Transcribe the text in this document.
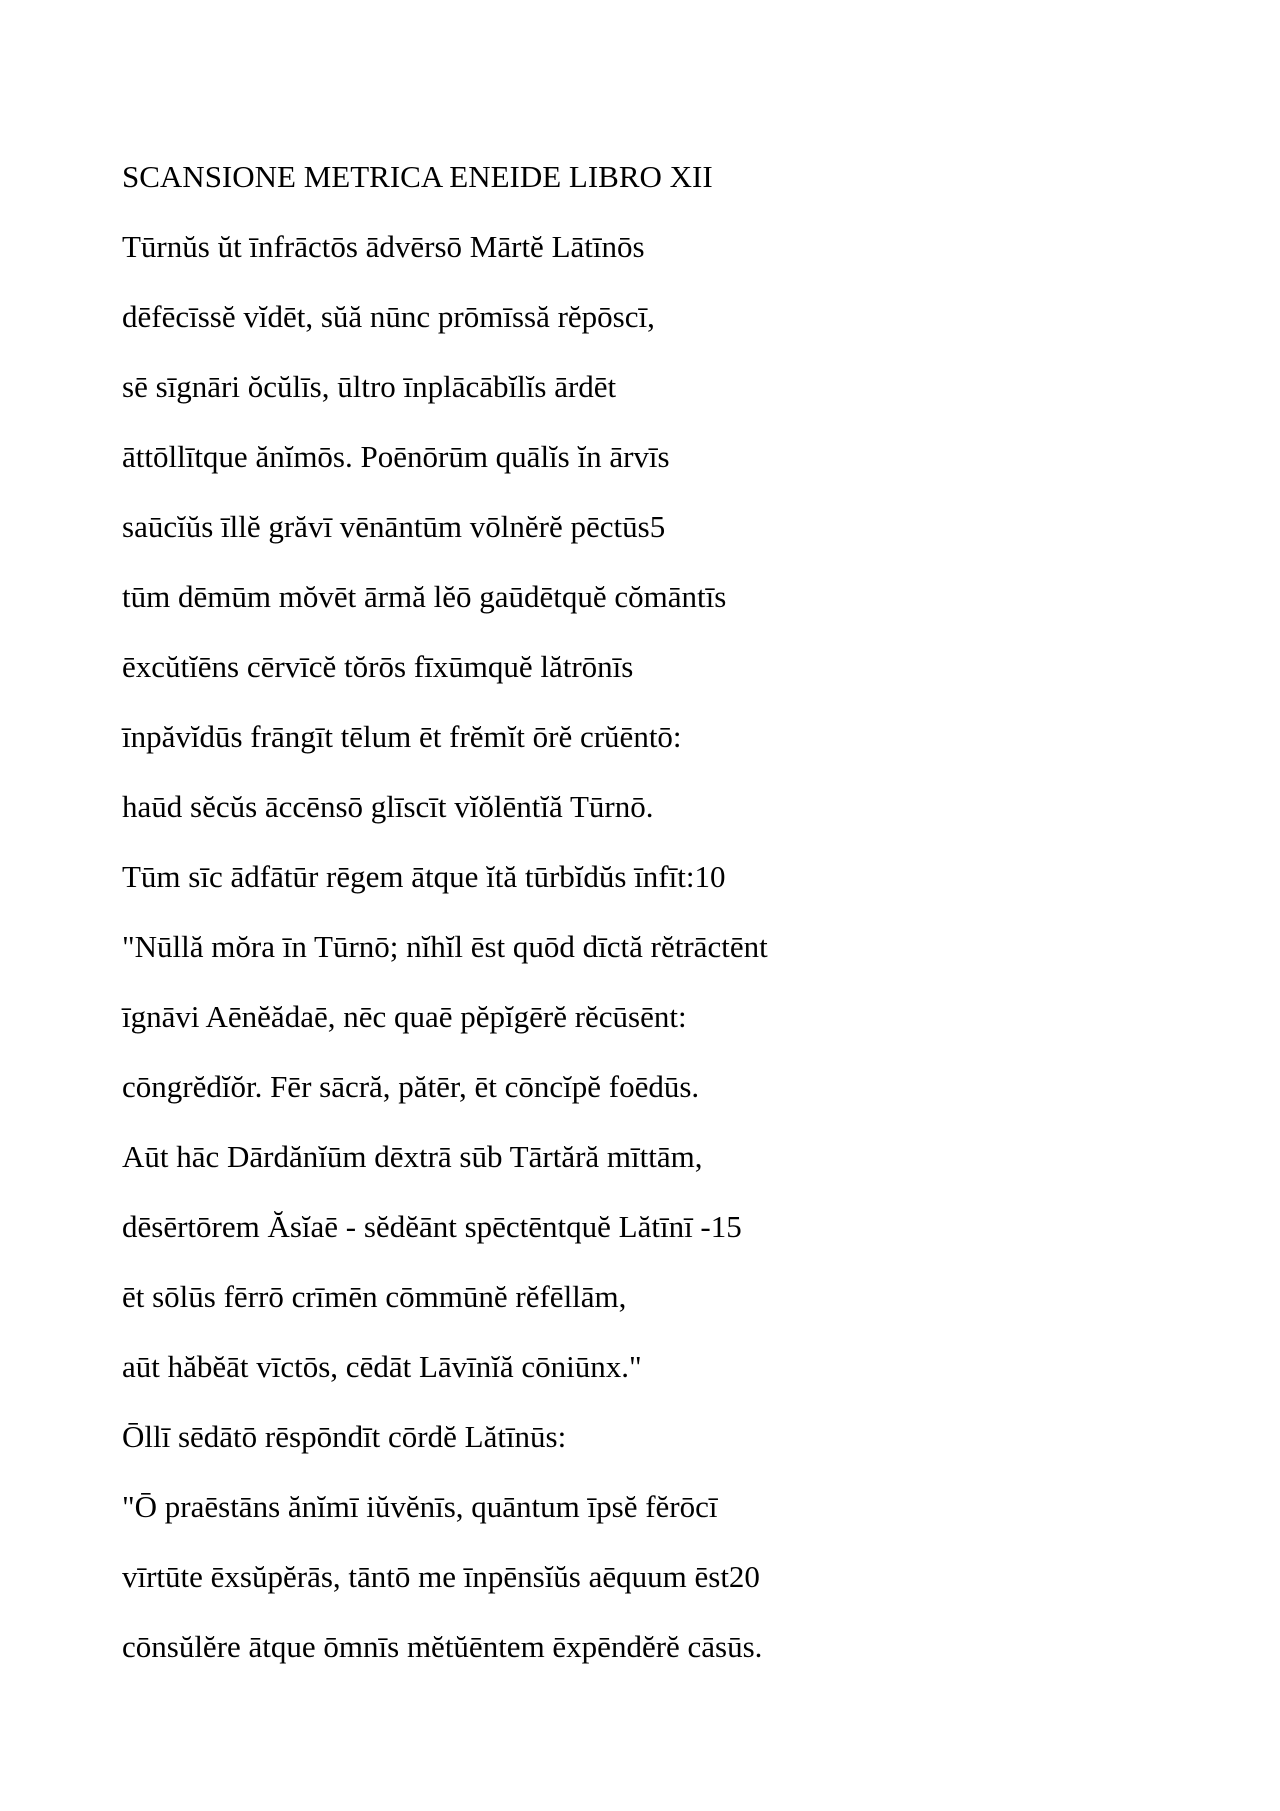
SCANSIONE METRICA ENEIDE LIBRO XII

Tūrnŭs ŭt īnfrāctōs ādvērsō Mārtĕ Lātīnōs

dēfēcīssĕ vĭdēt, sŭă nūnc prōmīssă rĕpōscī,

sē sīgnāri ŏcŭlīs, ūltro īnplācābĭlĭs ārdēt

āttōllītque ănĭmōs. Poēnōrūm quālĭs ĭn ārvīs

saūcĭŭs īllĕ grăvī vēnāntūm vōlnĕrĕ pēctūs5

tūm dēmūm mŏvēt ārmă lĕō gaūdētquĕ cŏmāntīs

ēxcŭtĭēns cērvīcĕ tŏrōs fīxūmquĕ lătrōnīs

īnpăvĭdūs frāngīt tēlum ēt frĕmĭt ōrĕ crŭēntō:

haūd sĕcŭs āccēnsō glīscīt vĭŏlēntĭă Tūrnō.

Tūm sīc ādfātūr rēgem ātque ĭtă tūrbĭdŭs īnfīt:10

"Nūllă mŏra īn Tūrnō; nĭhĭl ēst quōd dīctă rĕtrāctēnt

īgnāvi Aēnĕădaē, nēc quaē pĕpĭgērĕ rĕcūsēnt:

cōngrĕdĭŏr. Fēr sācră, pătēr, ēt cōncĭpĕ foēdūs.

Aūt hāc Dārdănĭūm dēxtrā sūb Tārtără mīttām,

dēsērtōrem Ăsĭaē - sĕdĕānt spēctēntquĕ Lătīnī -15

ēt sōlūs fērrō crīmēn cōmmūnĕ rĕfēllām,

aūt hăbĕāt vīctōs, cēdāt Lāvīnĭă cōniūnx."

Ōllī sēdātō rēspōndīt cōrdĕ Lătīnūs:

"Ō praēstāns ănĭmī iŭvĕnīs, quāntum īpsĕ fĕrōcī

vīrtūte ēxsŭpĕrās, tāntō me īnpēnsĭŭs aēquum ēst20

cōnsŭlĕre ātque ōmnīs mĕtŭēntem ēxpēndĕrĕ cāsūs.
